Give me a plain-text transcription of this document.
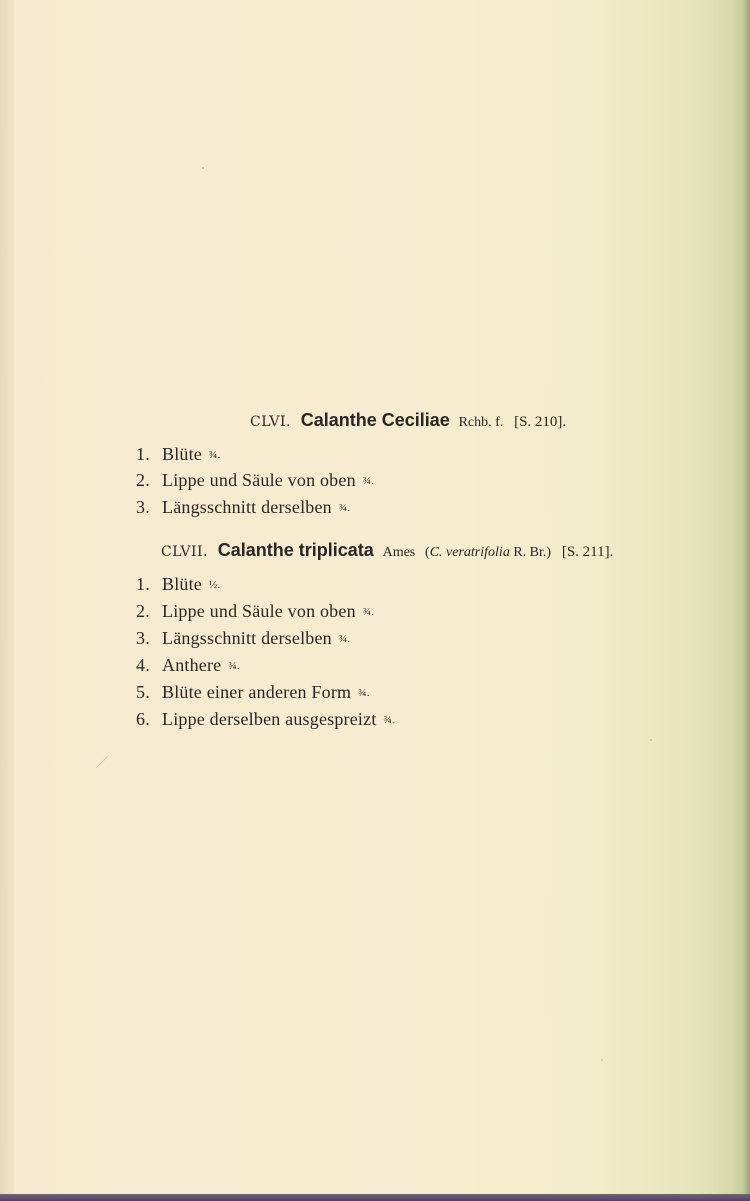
CLVI. Calanthe Ceciliae Rchb. f. [S. 210].
1. Blüte ¾.
2. Lippe und Säule von oben ¾.
3. Längsschnitt derselben ¾.
CLVII. Calanthe triplicata Ames (C. veratrifolia R. Br.) [S. 211].
1. Blüte ½.
2. Lippe und Säule von oben ¾.
3. Längsschnitt derselben ¾.
4. Anthere ¾.
5. Blüte einer anderen Form ¾.
6. Lippe derselben ausgespreizt ¾.
